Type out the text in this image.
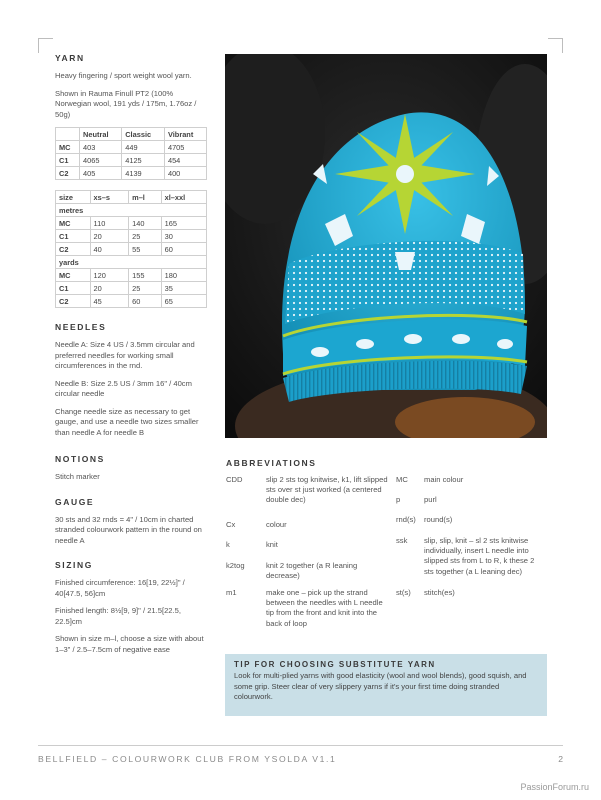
YARN
Heavy fingering / sport weight wool yarn.
Shown in Rauma Finull PT2 (100% Norwegian wool, 191 yds / 175m, 1.76oz / 50g)
	Neutral	Classic	Vibrant
MC	403	449	4705
C1	4065	4125	454
C2	405	4139	400
size	xs–s	m–l	xl–xxl
metres			
MC	110	140	165
C1	20	25	30
C2	40	55	60
yards			
MC	120	155	180
C1	20	25	35
C2	45	60	65
NEEDLES
Needle A: Size 4 US / 3.5mm circular and preferred needles for working small circumferences in the rnd.
Needle B: Size 2.5 US / 3mm 16" / 40cm circular needle
Change needle size as necessary to get gauge, and use a needle two sizes smaller than needle A for needle B
NOTIONS
Stitch marker
GAUGE
30 sts and 32 rnds = 4" / 10cm in charted stranded colourwork pattern in the round on needle A
SIZING
Finished circumference: 16[19, 22½]" / 40[47.5, 56]cm
Finished length: 8½[9, 9]" / 21.5[22.5, 22.5]cm
Shown in size m–l, choose a size with about 1–3" / 2.5–7.5cm of negative ease
ABBREVIATIONS
CDD	slip 2 sts tog knitwise, k1, lift slipped sts over st just worked (a centered double dec)
Cx	colour
k	knit
k2tog	knit 2 together (a R leaning decrease)
m1	make one – pick up the strand between the needles with L needle tip from the front and knit into the back of loop
MC main colour
p	purl
rnd(s) round(s)
ssk slip, slip, knit – sl 2 sts knitwise individually, insert L needle into slipped sts from L to R, k these 2 sts together (a L leaning dec)
st(s) stitch(es)
TIP FOR CHOOSING SUBSTITUTE YARN
Look for multi-plied yarns with good elasticity (wool and wool blends), good squish, and some grip. Steer clear of very slippery yarns if it's your first time doing stranded colourwork.
BELLFIELD – COLOURWORK CLUB FROM YSOLDA V1.1	2
PassionForum.ru
